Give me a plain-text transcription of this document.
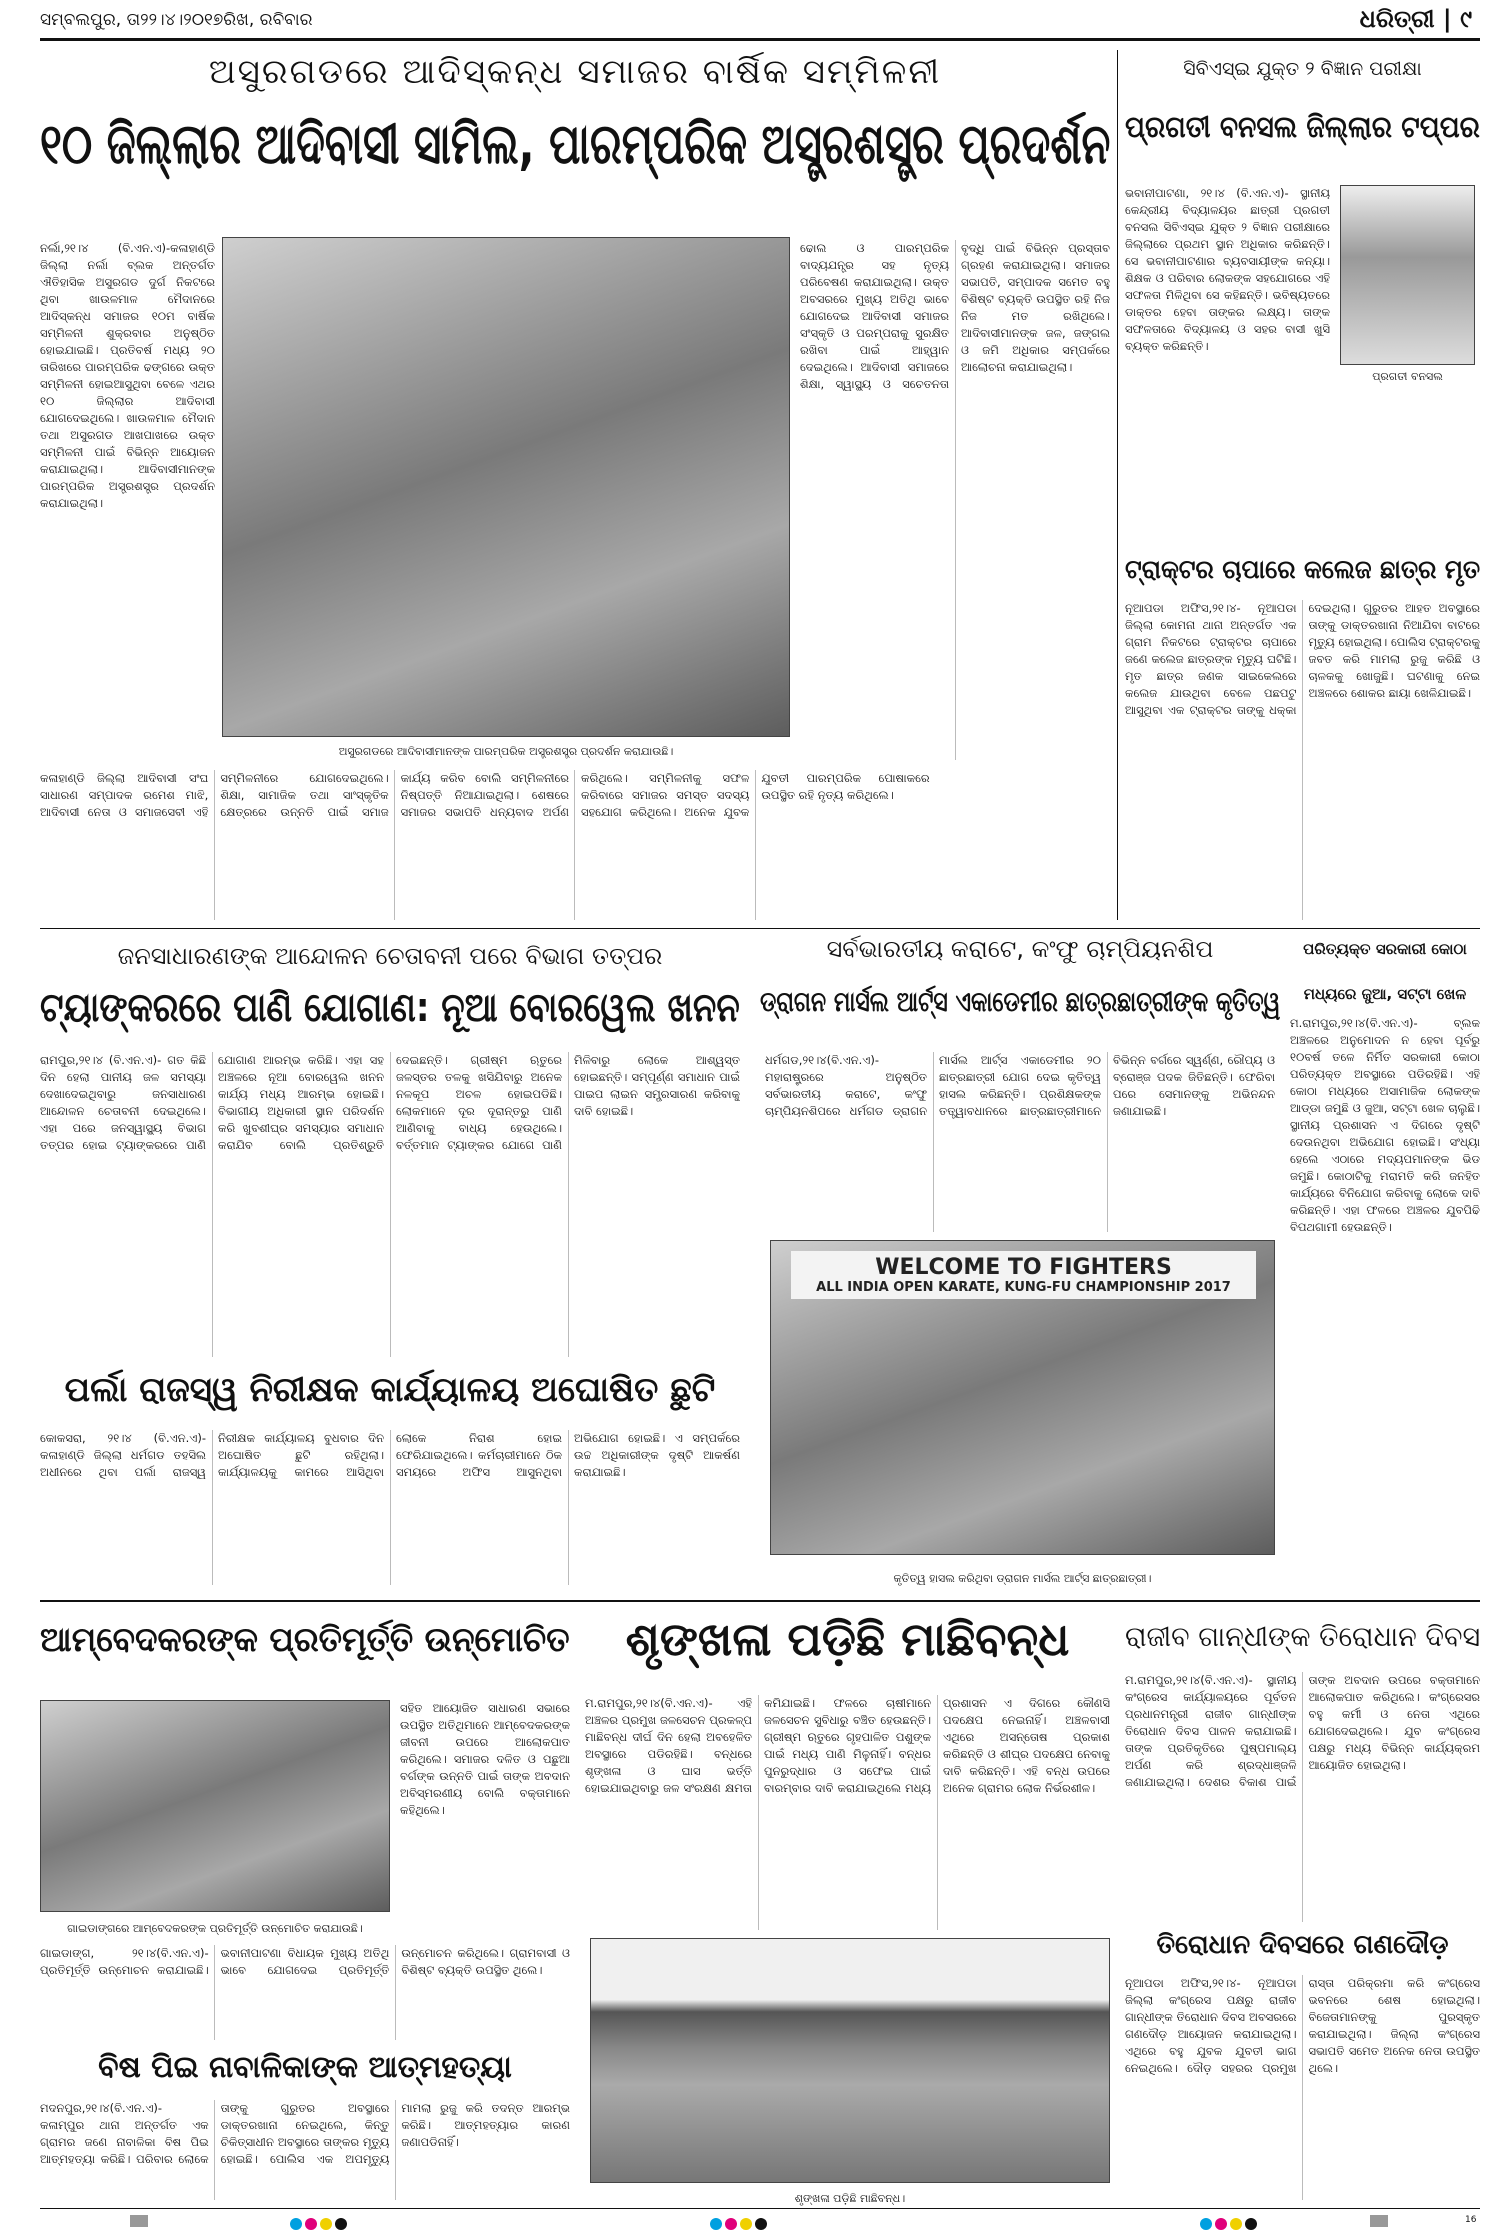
ସମ୍ବଲପୁର, ତା୨୨।୪।୨୦୧୭ରିଖ, ରବିବାର	ଧରିତ୍ରୀ | ୯
ଅସୁରଗଡରେ ଆଦିସ୍କନ୍ଧ ସମାଜର ବାର୍ଷିକ ସମ୍ମିଳନୀ
୧୦ ଜିଲ୍ଲାର ଆଦିବାସୀ ସାମିଲ, ପାରମ୍ପରିକ ଅସ୍ତ୍ରଶସ୍ତ୍ର ପ୍ରଦର୍ଶନ
ନର୍ଲା,୨୧।୪ (ବି.ଏନ.ଏ)-କଳାହାଣ୍ଡି ଜିଲ୍ଲା ନର୍ଲା ବ୍ଲକ ଅନ୍ତର୍ଗତ ଐତିହାସିକ ଅସୁରଗଡ ଦୁର୍ଗ ନିକଟରେ ଥିବା ଖାଉଳମାଳ ମୈଦାନରେ ଆଦିସ୍କନ୍ଧ ସମାଜର ୧୦ମ ବାର୍ଷିକ ସମ୍ମିଳନୀ ଶୁକ୍ରବାର ଅନୁଷ୍ଠିତ ହୋଇଯାଇଛି। ପ୍ରତିବର୍ଷ ମଧ୍ୟ ୨୦ ତାରିଖରେ ପାରମ୍ପରିକ ଢଙ୍ଗରେ ଉକ୍ତ ସମ୍ମିଳନୀ ହୋଇଆସୁଥିବା ବେଳେ ଏଥର ୧୦ ଜିଲ୍ଲାର ଆଦିବାସୀ ଯୋଗଦେଇଥିଲେ। ଖାଉଳମାଳ ମୈଦାନ ତଥା ଅସୁରଗଡ ଆଖପାଖରେ ଉକ୍ତ ସମ୍ମିଳନୀ ପାଇଁ ବିଭିନ୍ନ ଆୟୋଜନ କରାଯାଇଥିଲା। ଆଦିବାସୀମାନଙ୍କ ପାରମ୍ପରିକ ଅସ୍ତ୍ରଶସ୍ତ୍ର ପ୍ରଦର୍ଶନ କରାଯାଇଥିଲା।
ଅସୁରଗଡରେ ଆଦିବାସୀମାନଙ୍କ ପାରମ୍ପରିକ ଅସ୍ତ୍ରଶସ୍ତ୍ର ପ୍ରଦର୍ଶନ କରାଯାଉଛି।
ଢୋଲ ଓ ପାରମ୍ପରିକ ବାଦ୍ୟଯନ୍ତ୍ର ସହ ନୃତ୍ୟ ପରିବେଷଣ କରାଯାଇଥିଲା। ଉକ୍ତ ଅବସରରେ ମୁଖ୍ୟ ଅତିଥି ଭାବେ ଯୋଗଦେଇ ଆଦିବାସୀ ସମାଜର ସଂସ୍କୃତି ଓ ପରମ୍ପରାକୁ ସୁରକ୍ଷିତ ରଖିବା ପାଇଁ ଆହ୍ୱାନ ଦେଇଥିଲେ। ଆଦିବାସୀ ସମାଜରେ ଶିକ୍ଷା, ସ୍ୱାସ୍ଥ୍ୟ ଓ ସଚେତନତା ବୃଦ୍ଧି ପାଇଁ ବିଭିନ୍ନ ପ୍ରସ୍ତାବ ଗ୍ରହଣ କରାଯାଇଥିଲା। ସମାଜର ସଭାପତି, ସମ୍ପାଦକ ସମେତ ବହୁ ବିଶିଷ୍ଟ ବ୍ୟକ୍ତି ଉପସ୍ଥିତ ରହି ନିଜ ନିଜ ମତ ରଖିଥିଲେ। ଆଦିବାସୀମାନଙ୍କ ଜଳ, ଜଙ୍ଗଲ ଓ ଜମି ଅଧିକାର ସମ୍ପର୍କରେ ଆଲୋଚନା କରାଯାଇଥିଲା।
କଳାହାଣ୍ଡି ଜିଲ୍ଲା ଆଦିବାସୀ ସଂଘ ସାଧାରଣ ସମ୍ପାଦକ ରମେଶ ମାଝି, ଆଦିବାସୀ ନେତା ଓ ସମାଜସେବୀ ଏହି ସମ୍ମିଳନୀରେ ଯୋଗଦେଇଥିଲେ। ଶିକ୍ଷା, ସାମାଜିକ ତଥା ସାଂସ୍କୃତିକ କ୍ଷେତ୍ରରେ ଉନ୍ନତି ପାଇଁ ସମାଜ କାର୍ଯ୍ୟ କରିବ ବୋଲି ସମ୍ମିଳନୀରେ ନିଷ୍ପତ୍ତି ନିଆଯାଇଥିଲା। ଶେଷରେ ସମାଜର ସଭାପତି ଧନ୍ୟବାଦ ଅର୍ପଣ କରିଥିଲେ। ସମ୍ମିଳନୀକୁ ସଫଳ କରିବାରେ ସମାଜର ସମସ୍ତ ସଦସ୍ୟ ସହଯୋଗ କରିଥିଲେ। ଅନେକ ଯୁବକ ଯୁବତୀ ପାରମ୍ପରିକ ପୋଷାକରେ ଉପସ୍ଥିତ ରହି ନୃତ୍ୟ କରିଥିଲେ।
ସିବିଏସ୍ଇ ଯୁକ୍ତ ୨ ବିଜ୍ଞାନ ପରୀକ୍ଷା
ପ୍ରଗତୀ ବନସଲ ଜିଲ୍ଲାର ଟପ୍ପର
ଭବାନୀପାଟଣା, ୨୧।୪ (ବି.ଏନ.ଏ)- ସ୍ଥାନୀୟ କେନ୍ଦ୍ରୀୟ ବିଦ୍ୟାଳୟର ଛାତ୍ରୀ ପ୍ରଗତୀ ବନସଲ ସିବିଏସ୍ଇ ଯୁକ୍ତ ୨ ବିଜ୍ଞାନ ପରୀକ୍ଷାରେ ଜିଲ୍ଲାରେ ପ୍ରଥମ ସ୍ଥାନ ଅଧିକାର କରିଛନ୍ତି। ସେ ଭବାନୀପାଟଣାର ବ୍ୟବସାୟୀଙ୍କ କନ୍ୟା। ଶିକ୍ଷକ ଓ ପରିବାର ଲୋକଙ୍କ ସହଯୋଗରେ ଏହି ସଫଳତା ମିଳିଥିବା ସେ କହିଛନ୍ତି। ଭବିଷ୍ୟତରେ ଡାକ୍ତର ହେବା ତାଙ୍କର ଲକ୍ଷ୍ୟ। ତାଙ୍କ ସଫଳତାରେ ବିଦ୍ୟାଳୟ ଓ ସହର ବାସୀ ଖୁସି ବ୍ୟକ୍ତ କରିଛନ୍ତି।
ପ୍ରଗତୀ ବନସଲ
ଟ୍ରାକ୍ଟର ଚାପାରେ କଲେଜ ଛାତ୍ର ମୃତ
ନୂଆପଡା ଅଫିସ,୨୧।୪- ନୂଆପଡା ଜିଲ୍ଲା କୋମନା ଥାନା ଅନ୍ତର୍ଗତ ଏକ ଗ୍ରାମ ନିକଟରେ ଟ୍ରାକ୍ଟର ଚାପାରେ ଜଣେ କଲେଜ ଛାତ୍ରଙ୍କ ମୃତ୍ୟୁ ଘଟିଛି। ମୃତ ଛାତ୍ର ଜଣକ ସାଇକେଲରେ କଲେଜ ଯାଉଥିବା ବେଳେ ପଛପଟୁ ଆସୁଥିବା ଏକ ଟ୍ରାକ୍ଟର ତାଙ୍କୁ ଧକ୍କା ଦେଇଥିଲା। ଗୁରୁତର ଆହତ ଅବସ୍ଥାରେ ତାଙ୍କୁ ଡାକ୍ତରଖାନା ନିଆଯିବା ବାଟରେ ମୃତ୍ୟୁ ହୋଇଥିଲା। ପୋଲିସ ଟ୍ରାକ୍ଟରକୁ ଜବତ କରି ମାମଲା ରୁଜୁ କରିଛି ଓ ଚାଳକକୁ ଖୋଜୁଛି। ଘଟଣାକୁ ନେଇ ଅଞ୍ଚଳରେ ଶୋକର ଛାୟା ଖେଳିଯାଇଛି।
ଜନସାଧାରଣଙ୍କ ଆନ୍ଦୋଳନ ଚେତାବନୀ ପରେ ବିଭାଗ ତତ୍ପର
ଟ୍ୟାଙ୍କରରେ ପାଣି ଯୋଗାଣ: ନୂଆ ବୋରୱେଲ ଖନନ
ରାମପୁର,୨୧।୪ (ବି.ଏନ.ଏ)- ଗତ କିଛି ଦିନ ହେଲା ପାନୀୟ ଜଳ ସମସ୍ୟା ଦେଖାଦେଇଥିବାରୁ ଜନସାଧାରଣ ଆନ୍ଦୋଳନ ଚେତାବନୀ ଦେଇଥିଲେ। ଏହା ପରେ ଜନସ୍ୱାସ୍ଥ୍ୟ ବିଭାଗ ତତ୍ପର ହୋଇ ଟ୍ୟାଙ୍କରରେ ପାଣି ଯୋଗାଣ ଆରମ୍ଭ କରିଛି। ଏହା ସହ ଅଞ୍ଚଳରେ ନୂଆ ବୋରୱେଲ ଖନନ କାର୍ଯ୍ୟ ମଧ୍ୟ ଆରମ୍ଭ ହୋଇଛି। ବିଭାଗୀୟ ଅଧିକାରୀ ସ୍ଥାନ ପରିଦର୍ଶନ କରି ଖୁବଶୀଘ୍ର ସମସ୍ୟାର ସମାଧାନ କରାଯିବ ବୋଲି ପ୍ରତିଶ୍ରୁତି ଦେଇଛନ୍ତି। ଗ୍ରୀଷ୍ମ ଋତୁରେ ଜଳସ୍ତର ତଳକୁ ଖସିଯିବାରୁ ଅନେକ ନଳକୂପ ଅଚଳ ହୋଇପଡିଛି। ଲୋକମାନେ ଦୂର ଦୂରାନ୍ତରୁ ପାଣି ଆଣିବାକୁ ବାଧ୍ୟ ହେଉଥିଲେ। ବର୍ତ୍ତମାନ ଟ୍ୟାଙ୍କର ଯୋଗେ ପାଣି ମିଳିବାରୁ ଲୋକେ ଆଶ୍ୱସ୍ତ ହୋଇଛନ୍ତି। ସମ୍ପୂର୍ଣ୍ଣ ସମାଧାନ ପାଇଁ ପାଇପ ଲାଇନ ସମ୍ପ୍ରସାରଣ କରିବାକୁ ଦାବି ହୋଇଛି।
ପର୍ଲା ରାଜସ୍ୱ ନିରୀକ୍ଷକ କାର୍ଯ୍ୟାଳୟ ଅଘୋଷିତ ଛୁଟି
କୋକସରା, ୨୧।୪ (ବି.ଏନ.ଏ)- କଳାହାଣ୍ଡି ଜିଲ୍ଲା ଧର୍ମଗଡ ତହସିଲ ଅଧୀନରେ ଥିବା ପର୍ଲା ରାଜସ୍ୱ ନିରୀକ୍ଷକ କାର୍ଯ୍ୟାଳୟ ବୁଧବାର ଦିନ ଅଘୋଷିତ ଛୁଟି ରହିଥିଲା। କାର୍ଯ୍ୟାଳୟକୁ କାମରେ ଆସିଥିବା ଲୋକେ ନିରାଶ ହୋଇ ଫେରିଯାଇଥିଲେ। କର୍ମଚାରୀମାନେ ଠିକ ସମୟରେ ଅଫିସ ଆସୁନଥିବା ଅଭିଯୋଗ ହୋଇଛି। ଏ ସମ୍ପର୍କରେ ଉଚ୍ଚ ଅଧିକାରୀଙ୍କ ଦୃଷ୍ଟି ଆକର୍ଷଣ କରାଯାଇଛି।
ସର୍ବଭାରତୀୟ କରାଟେ, କଂଫୁ ଚାମ୍ପିୟନଶିପ
ଡ୍ରାଗନ ମାର୍ସଲ ଆର୍ଟ୍ସ ଏକାଡେମୀର ଛାତ୍ରଛାତ୍ରୀଙ୍କ କୃତିତ୍ୱ
ଧର୍ମଗଡ,୨୧।୪(ବି.ଏନ.ଏ)- ମହାରାଷ୍ଟ୍ରରେ ଅନୁଷ୍ଠିତ ସର୍ବଭାରତୀୟ କରାଟେ, କଂଫୁ ଚାମ୍ପିୟନଶିପରେ ଧର୍ମଗଡ ଡ୍ରାଗନ ମାର୍ସଲ ଆର୍ଟ୍ସ ଏକାଡେମୀର ୨୦ ଛାତ୍ରଛାତ୍ରୀ ଯୋଗ ଦେଇ କୃତିତ୍ୱ ହାସଲ କରିଛନ୍ତି। ପ୍ରଶିକ୍ଷକଙ୍କ ତତ୍ତ୍ୱାବଧାନରେ ଛାତ୍ରଛାତ୍ରୀମାନେ ବିଭିନ୍ନ ବର୍ଗରେ ସ୍ୱର୍ଣ୍ଣ, ରୌପ୍ୟ ଓ ବ୍ରୋଞ୍ଜ ପଦକ ଜିତିଛନ୍ତି। ଫେରିବା ପରେ ସେମାନଙ୍କୁ ଅଭିନନ୍ଦନ ଜଣାଯାଇଛି।
WELCOME TO FIGHTERS
ALL INDIA OPEN KARATE, KUNG-FU CHAMPIONSHIP 2017
କୃତିତ୍ୱ ହାସଲ କରିଥିବା ଡ୍ରାଗନ ମାର୍ସଲ ଆର୍ଟ୍ସ ଛାତ୍ରଛାତ୍ରୀ।
ପରିତ୍ୟକ୍ତ ସରକାରୀ କୋଠା
ମଧ୍ୟରେ ଜୁଆ, ସଟ୍ଟା ଖେଳ
ମ.ରାମପୁର,୨୧।୪(ବି.ଏନ.ଏ)- ବ୍ଲକ ଅଞ୍ଚଳରେ ଅନୁମୋଦନ ନ ହେବା ପୂର୍ବରୁ ୧୦ବର୍ଷ ତଳେ ନିର୍ମିତ ସରକାରୀ କୋଠା ପରିତ୍ୟକ୍ତ ଅବସ୍ଥାରେ ପଡିରହିଛି। ଏହି କୋଠା ମଧ୍ୟରେ ଅସାମାଜିକ ଲୋକଙ୍କ ଆଡ୍ଡା ଜମୁଛି ଓ ଜୁଆ, ସଟ୍ଟା ଖେଳ ଚାଲୁଛି। ସ୍ଥାନୀୟ ପ୍ରଶାସନ ଏ ଦିଗରେ ଦୃଷ୍ଟି ଦେଉନଥିବା ଅଭିଯୋଗ ହୋଇଛି। ସଂଧ୍ୟା ହେଲେ ଏଠାରେ ମଦ୍ୟପମାନଙ୍କ ଭିଡ ଜମୁଛି। କୋଠାଟିକୁ ମରାମତି କରି ଜନହିତ କାର୍ଯ୍ୟରେ ବିନିଯୋଗ କରିବାକୁ ଲୋକେ ଦାବି କରିଛନ୍ତି। ଏହା ଫଳରେ ଅଞ୍ଚଳର ଯୁବପିଢି ବିପଥଗାମୀ ହେଉଛନ୍ତି।
ଆମ୍ବେଦକରଙ୍କ ପ୍ରତିମୂର୍ତ୍ତି ଉନ୍ମୋଚିତ
ସହିତ ଆୟୋଜିତ ସାଧାରଣ ସଭାରେ ଉପସ୍ଥିତ ଅତିଥିମାନେ ଆମ୍ବେଦକରଙ୍କ ଜୀବନୀ ଉପରେ ଆଲୋକପାତ କରିଥିଲେ। ସମାଜର ଦଳିତ ଓ ପଛୁଆ ବର୍ଗଙ୍କ ଉନ୍ନତି ପାଇଁ ତାଙ୍କ ଅବଦାନ ଅବିସ୍ମରଣୀୟ ବୋଲି ବକ୍ତାମାନେ କହିଥିଲେ।
ଗାଇଡାଙ୍ଗରେ ଆମ୍ବେଦକରଙ୍କ ପ୍ରତିମୂର୍ତ୍ତି ଉନ୍ମୋଚିତ କରାଯାଉଛି।
ଗାଇଡାଙ୍ଗ, ୨୧।୪(ବି.ଏନ.ଏ)- ପ୍ରତିମୂର୍ତ୍ତି ଉନ୍ମୋଚନ କରାଯାଇଛି। ଭବାନୀପାଟଣା ବିଧାୟକ ମୁଖ୍ୟ ଅତିଥି ଭାବେ ଯୋଗଦେଇ ପ୍ରତିମୂର୍ତ୍ତି ଉନ୍ମୋଚନ କରିଥିଲେ। ଗ୍ରାମବାସୀ ଓ ବିଶିଷ୍ଟ ବ୍ୟକ୍ତି ଉପସ୍ଥିତ ଥିଲେ।
ବିଷ ପିଇ ନାବାଳିକାଙ୍କ ଆତ୍ମହତ୍ୟା
ମଦନପୁର,୨୧।୪(ବି.ଏନ.ଏ)- କଳାମ୍ପୁର ଥାନା ଅନ୍ତର୍ଗତ ଏକ ଗ୍ରାମର ଜଣେ ନାବାଳିକା ବିଷ ପିଇ ଆତ୍ମହତ୍ୟା କରିଛି। ପରିବାର ଲୋକେ ତାଙ୍କୁ ଗୁରୁତର ଅବସ୍ଥାରେ ଡାକ୍ତରଖାନା ନେଇଥିଲେ, କିନ୍ତୁ ଚିକିତ୍ସାଧୀନ ଅବସ୍ଥାରେ ତାଙ୍କର ମୃତ୍ୟୁ ହୋଇଛି। ପୋଲିସ ଏକ ଅପମୃତ୍ୟୁ ମାମଲା ରୁଜୁ କରି ତଦନ୍ତ ଆରମ୍ଭ କରିଛି। ଆତ୍ମହତ୍ୟାର କାରଣ ଜଣାପଡିନାହିଁ।
ଶୃଙ୍ଖଳା ପଡ଼ିଛି ମାଛିବନ୍ଧ
ମ.ରାମପୁର,୨୧।୪(ବି.ଏନ.ଏ)- ଏହି ଅଞ୍ଚଳର ପ୍ରମୁଖ ଜଳସେଚନ ପ୍ରକଳ୍ପ ମାଛିବନ୍ଧ ଦୀର୍ଘ ଦିନ ହେଲା ଅବହେଳିତ ଅବସ୍ଥାରେ ପଡିରହିଛି। ବନ୍ଧରେ ଶୃଙ୍ଖଳା ଓ ଘାସ ଭର୍ତ୍ତି ହୋଇଯାଇଥିବାରୁ ଜଳ ସଂରକ୍ଷଣ କ୍ଷମତା କମିଯାଇଛି। ଫଳରେ ଚାଷୀମାନେ ଜଳସେଚନ ସୁବିଧାରୁ ବଞ୍ଚିତ ହେଉଛନ୍ତି। ଗ୍ରୀଷ୍ମ ଋତୁରେ ଗୃହପାଳିତ ପଶୁଙ୍କ ପାଇଁ ମଧ୍ୟ ପାଣି ମିଳୁନାହିଁ। ବନ୍ଧର ପୁନରୁଦ୍ଧାର ଓ ସଫେଇ ପାଇଁ ବାରମ୍ବାର ଦାବି କରାଯାଇଥିଲେ ମଧ୍ୟ ପ୍ରଶାସନ ଏ ଦିଗରେ କୌଣସି ପଦକ୍ଷେପ ନେଇନାହିଁ। ଅଞ୍ଚଳବାସୀ ଏଥିରେ ଅସନ୍ତୋଷ ପ୍ରକାଶ କରିଛନ୍ତି ଓ ଶୀଘ୍ର ପଦକ୍ଷେପ ନେବାକୁ ଦାବି କରିଛନ୍ତି। ଏହି ବନ୍ଧ ଉପରେ ଅନେକ ଗ୍ରାମର ଲୋକ ନିର୍ଭରଶୀଳ।
ଶୃଙ୍ଖଳା ପଡ଼ିଛି ମାଛିବନ୍ଧ।
ରାଜୀବ ଗାନ୍ଧୀଙ୍କ ତିରୋଧାନ ଦିବସ
ମ.ରାମପୁର,୨୧।୪(ବି.ଏନ.ଏ)- ସ୍ଥାନୀୟ କଂଗ୍ରେସ କାର୍ଯ୍ୟାଳୟରେ ପୂର୍ବତନ ପ୍ରଧାନମନ୍ତ୍ରୀ ରାଜୀବ ଗାନ୍ଧୀଙ୍କ ତିରୋଧାନ ଦିବସ ପାଳନ କରାଯାଇଛି। ତାଙ୍କ ପ୍ରତିକୃତିରେ ପୁଷ୍ପମାଲ୍ୟ ଅର୍ପଣ କରି ଶ୍ରଦ୍ଧାଞ୍ଜଳି ଜଣାଯାଇଥିଲା। ଦେଶର ବିକାଶ ପାଇଁ ତାଙ୍କ ଅବଦାନ ଉପରେ ବକ୍ତାମାନେ ଆଲୋକପାତ କରିଥିଲେ। କଂଗ୍ରେସର ବହୁ କର୍ମୀ ଓ ନେତା ଏଥିରେ ଯୋଗଦେଇଥିଲେ। ଯୁବ କଂଗ୍ରେସ ପକ୍ଷରୁ ମଧ୍ୟ ବିଭିନ୍ନ କାର୍ଯ୍ୟକ୍ରମ ଆୟୋଜିତ ହୋଇଥିଲା।
ତିରୋଧାନ ଦିବସରେ ଗଣଦୌଡ଼
ନୂଆପଡା ଅଫିସ,୨୧।୪- ନୂଆପଡା ଜିଲ୍ଲା କଂଗ୍ରେସ ପକ୍ଷରୁ ରାଜୀବ ଗାନ୍ଧୀଙ୍କ ତିରୋଧାନ ଦିବସ ଅବସରରେ ଗଣଦୌଡ଼ ଆୟୋଜନ କରାଯାଇଥିଲା। ଏଥିରେ ବହୁ ଯୁବକ ଯୁବତୀ ଭାଗ ନେଇଥିଲେ। ଦୌଡ଼ ସହରର ପ୍ରମୁଖ ରାସ୍ତା ପରିକ୍ରମା କରି କଂଗ୍ରେସ ଭବନରେ ଶେଷ ହୋଇଥିଲା। ବିଜେତାମାନଙ୍କୁ ପୁରସ୍କୃତ କରାଯାଇଥିଲା। ଜିଲ୍ଲା କଂଗ୍ରେସ ସଭାପତି ସମେତ ଅନେକ ନେତା ଉପସ୍ଥିତ ଥିଲେ।
16
